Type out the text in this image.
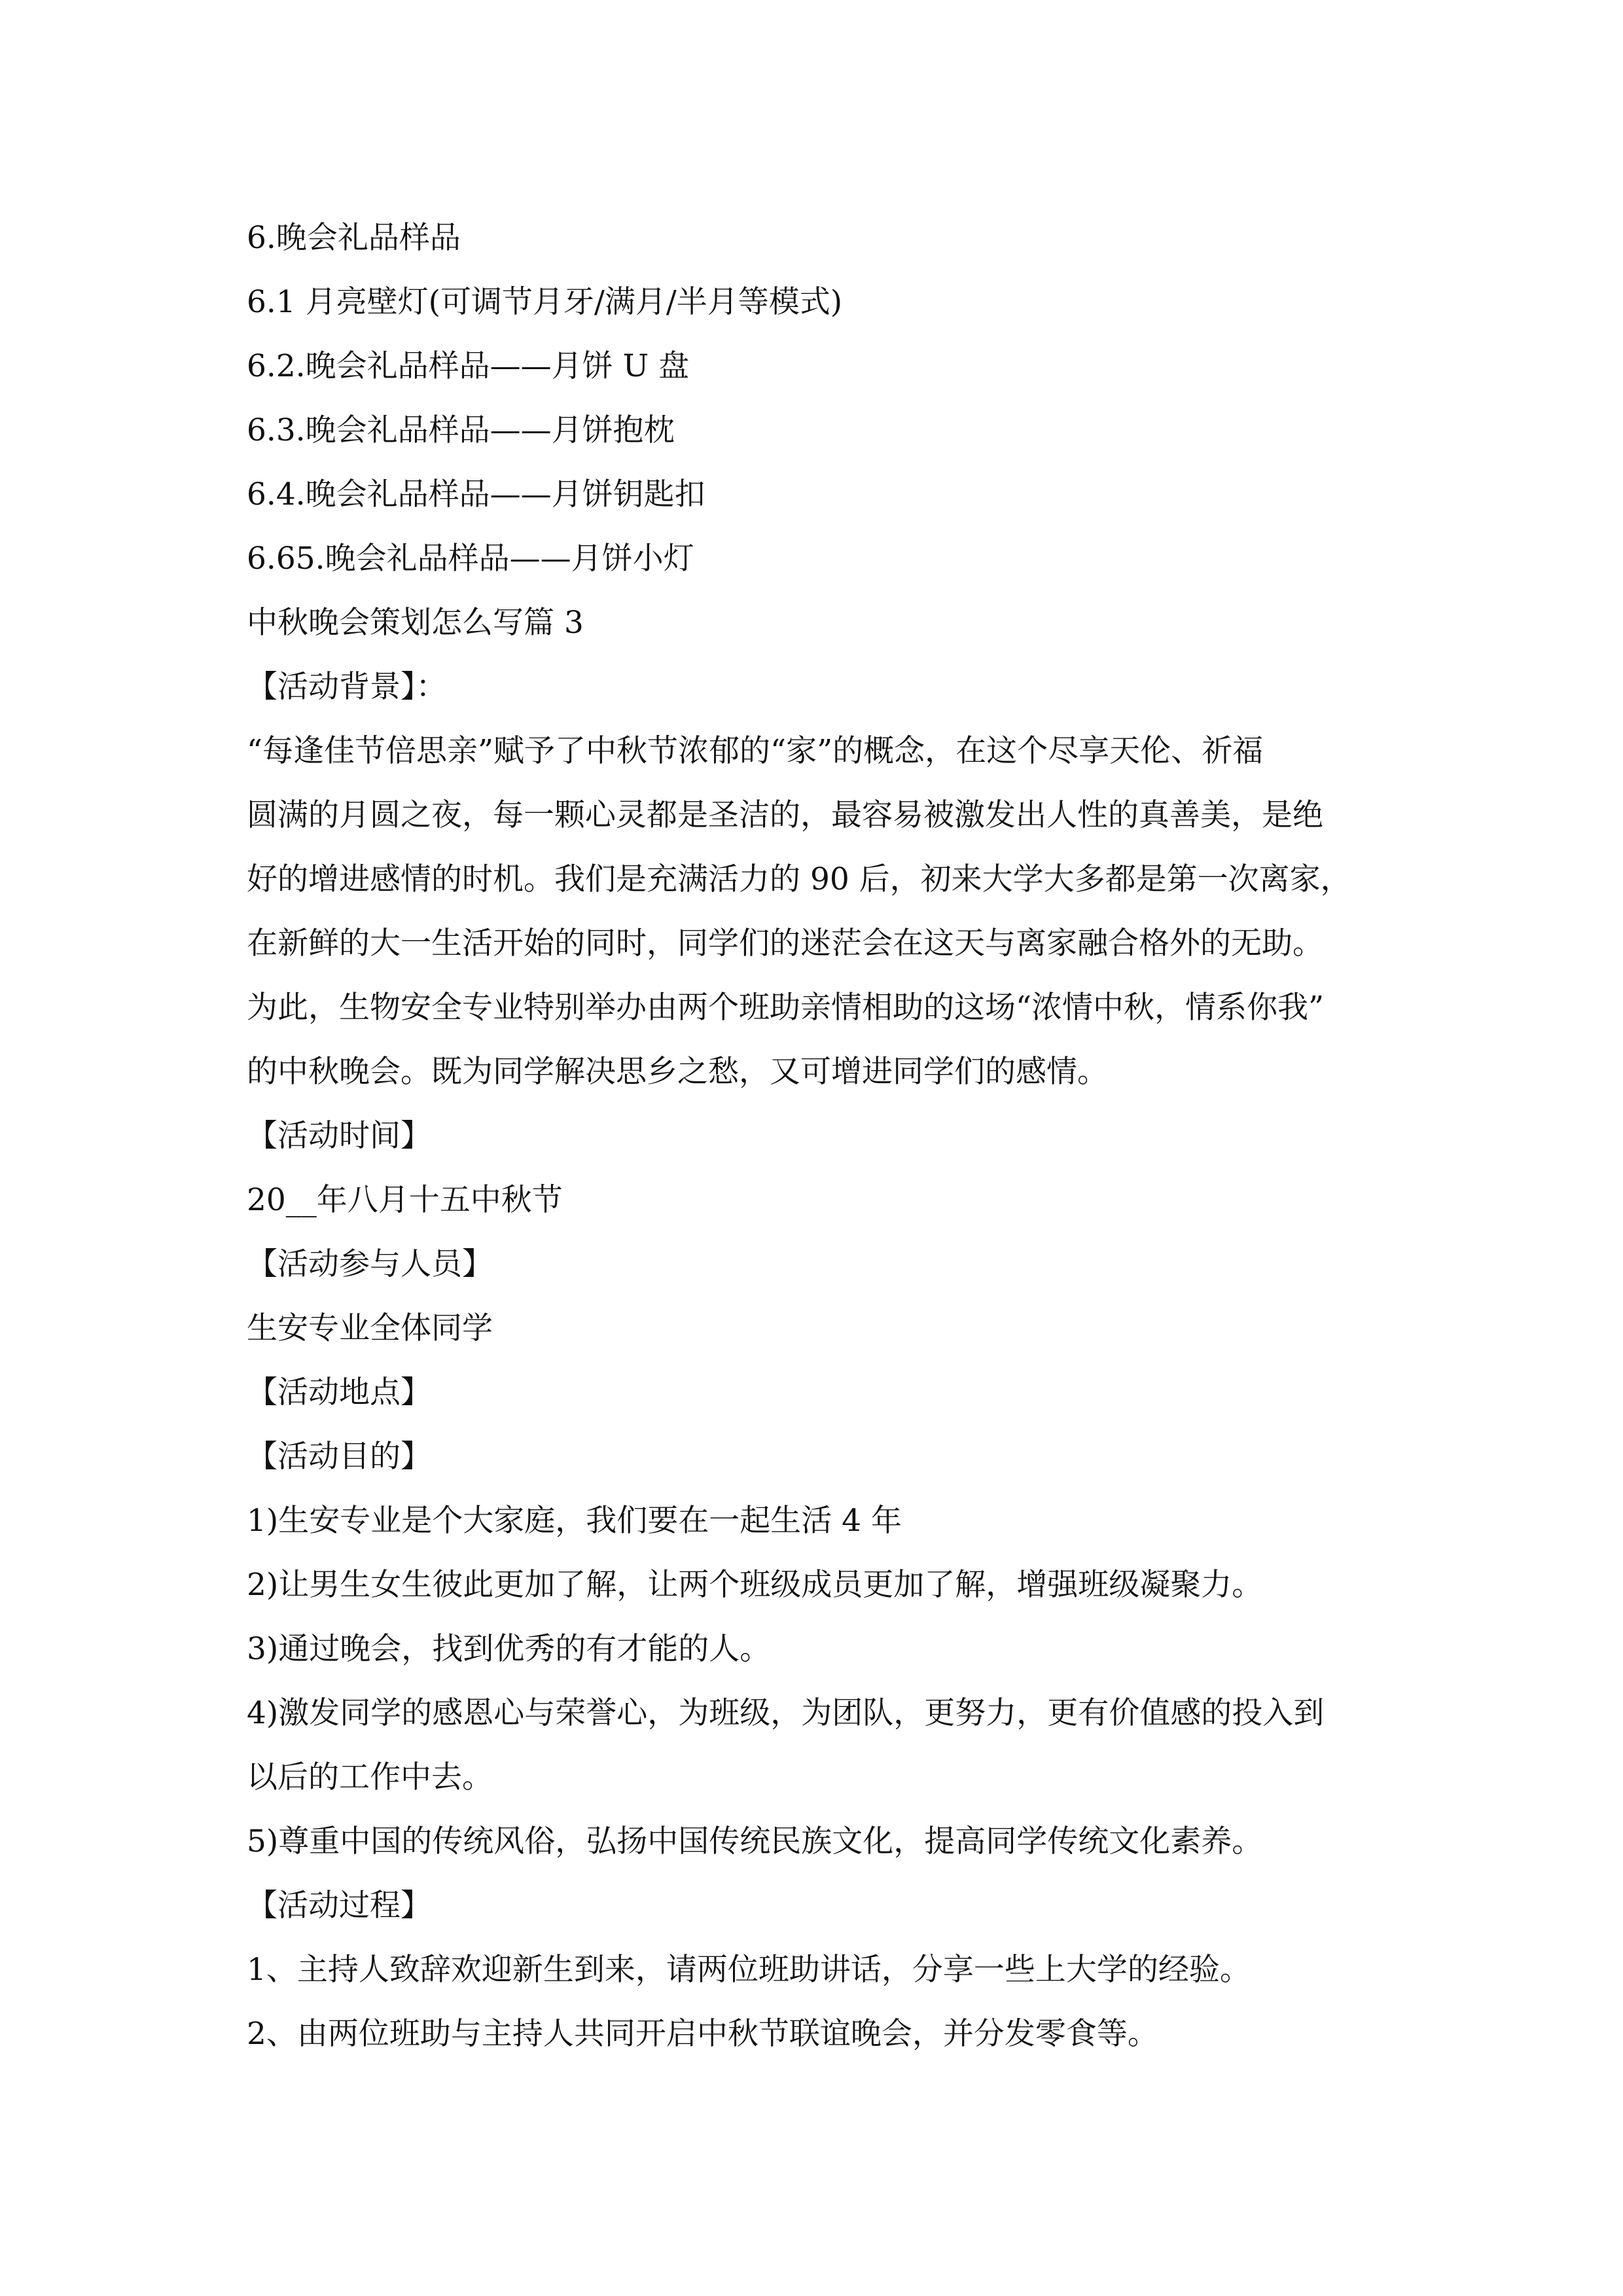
6.晚会礼品样品
6.1 月亮壁灯(可调节月牙/满月/半月等模式)
6.2.晚会礼品样品——月饼 U 盘
6.3.晚会礼品样品——月饼抱枕
6.4.晚会礼品样品——月饼钥匙扣
6.65.晚会礼品样品——月饼小灯
中秋晚会策划怎么写篇 3
【活动背景】：
“每逢佳节倍思亲”赋予了中秋节浓郁的“家”的概念，在这个尽享天伦、祈福
圆满的月圆之夜，每一颗心灵都是圣洁的，最容易被激发出人性的真善美，是绝
好的增进感情的时机。我们是充满活力的 90 后，初来大学大多都是第一次离家，
在新鲜的大一生活开始的同时，同学们的迷茫会在这天与离家融合格外的无助。
为此，生物安全专业特别举办由两个班助亲情相助的这场“浓情中秋，情系你我”
的中秋晚会。既为同学解决思乡之愁，又可增进同学们的感情。
【活动时间】
20__年八月十五中秋节
【活动参与人员】
生安专业全体同学
【活动地点】
【活动目的】
1)生安专业是个大家庭，我们要在一起生活 4 年
2)让男生女生彼此更加了解，让两个班级成员更加了解，增强班级凝聚力。
3)通过晚会，找到优秀的有才能的人。
4)激发同学的感恩心与荣誉心，为班级，为团队，更努力，更有价值感的投入到
以后的工作中去。
5)尊重中国的传统风俗，弘扬中国传统民族文化，提高同学传统文化素养。
【活动过程】
1、主持人致辞欢迎新生到来，请两位班助讲话，分享一些上大学的经验。
2、由两位班助与主持人共同开启中秋节联谊晚会，并分发零食等。
